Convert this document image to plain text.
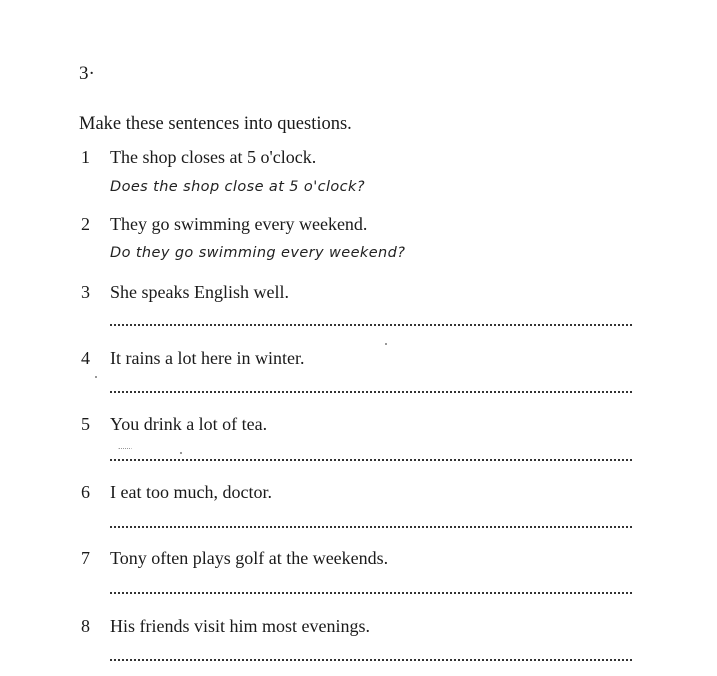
3·
Make these sentences into questions.
1 The shop closes at 5 o'clock.
Does the shop close at 5 o'clock?
2 They go swimming every weekend.
Do they go swimming every weekend?
3 She speaks English well.
4 It rains a lot here in winter.
5 You drink a lot of tea.
6 I eat too much, doctor.
7 Tony often plays golf at the weekends.
8 His friends visit him most evenings.
